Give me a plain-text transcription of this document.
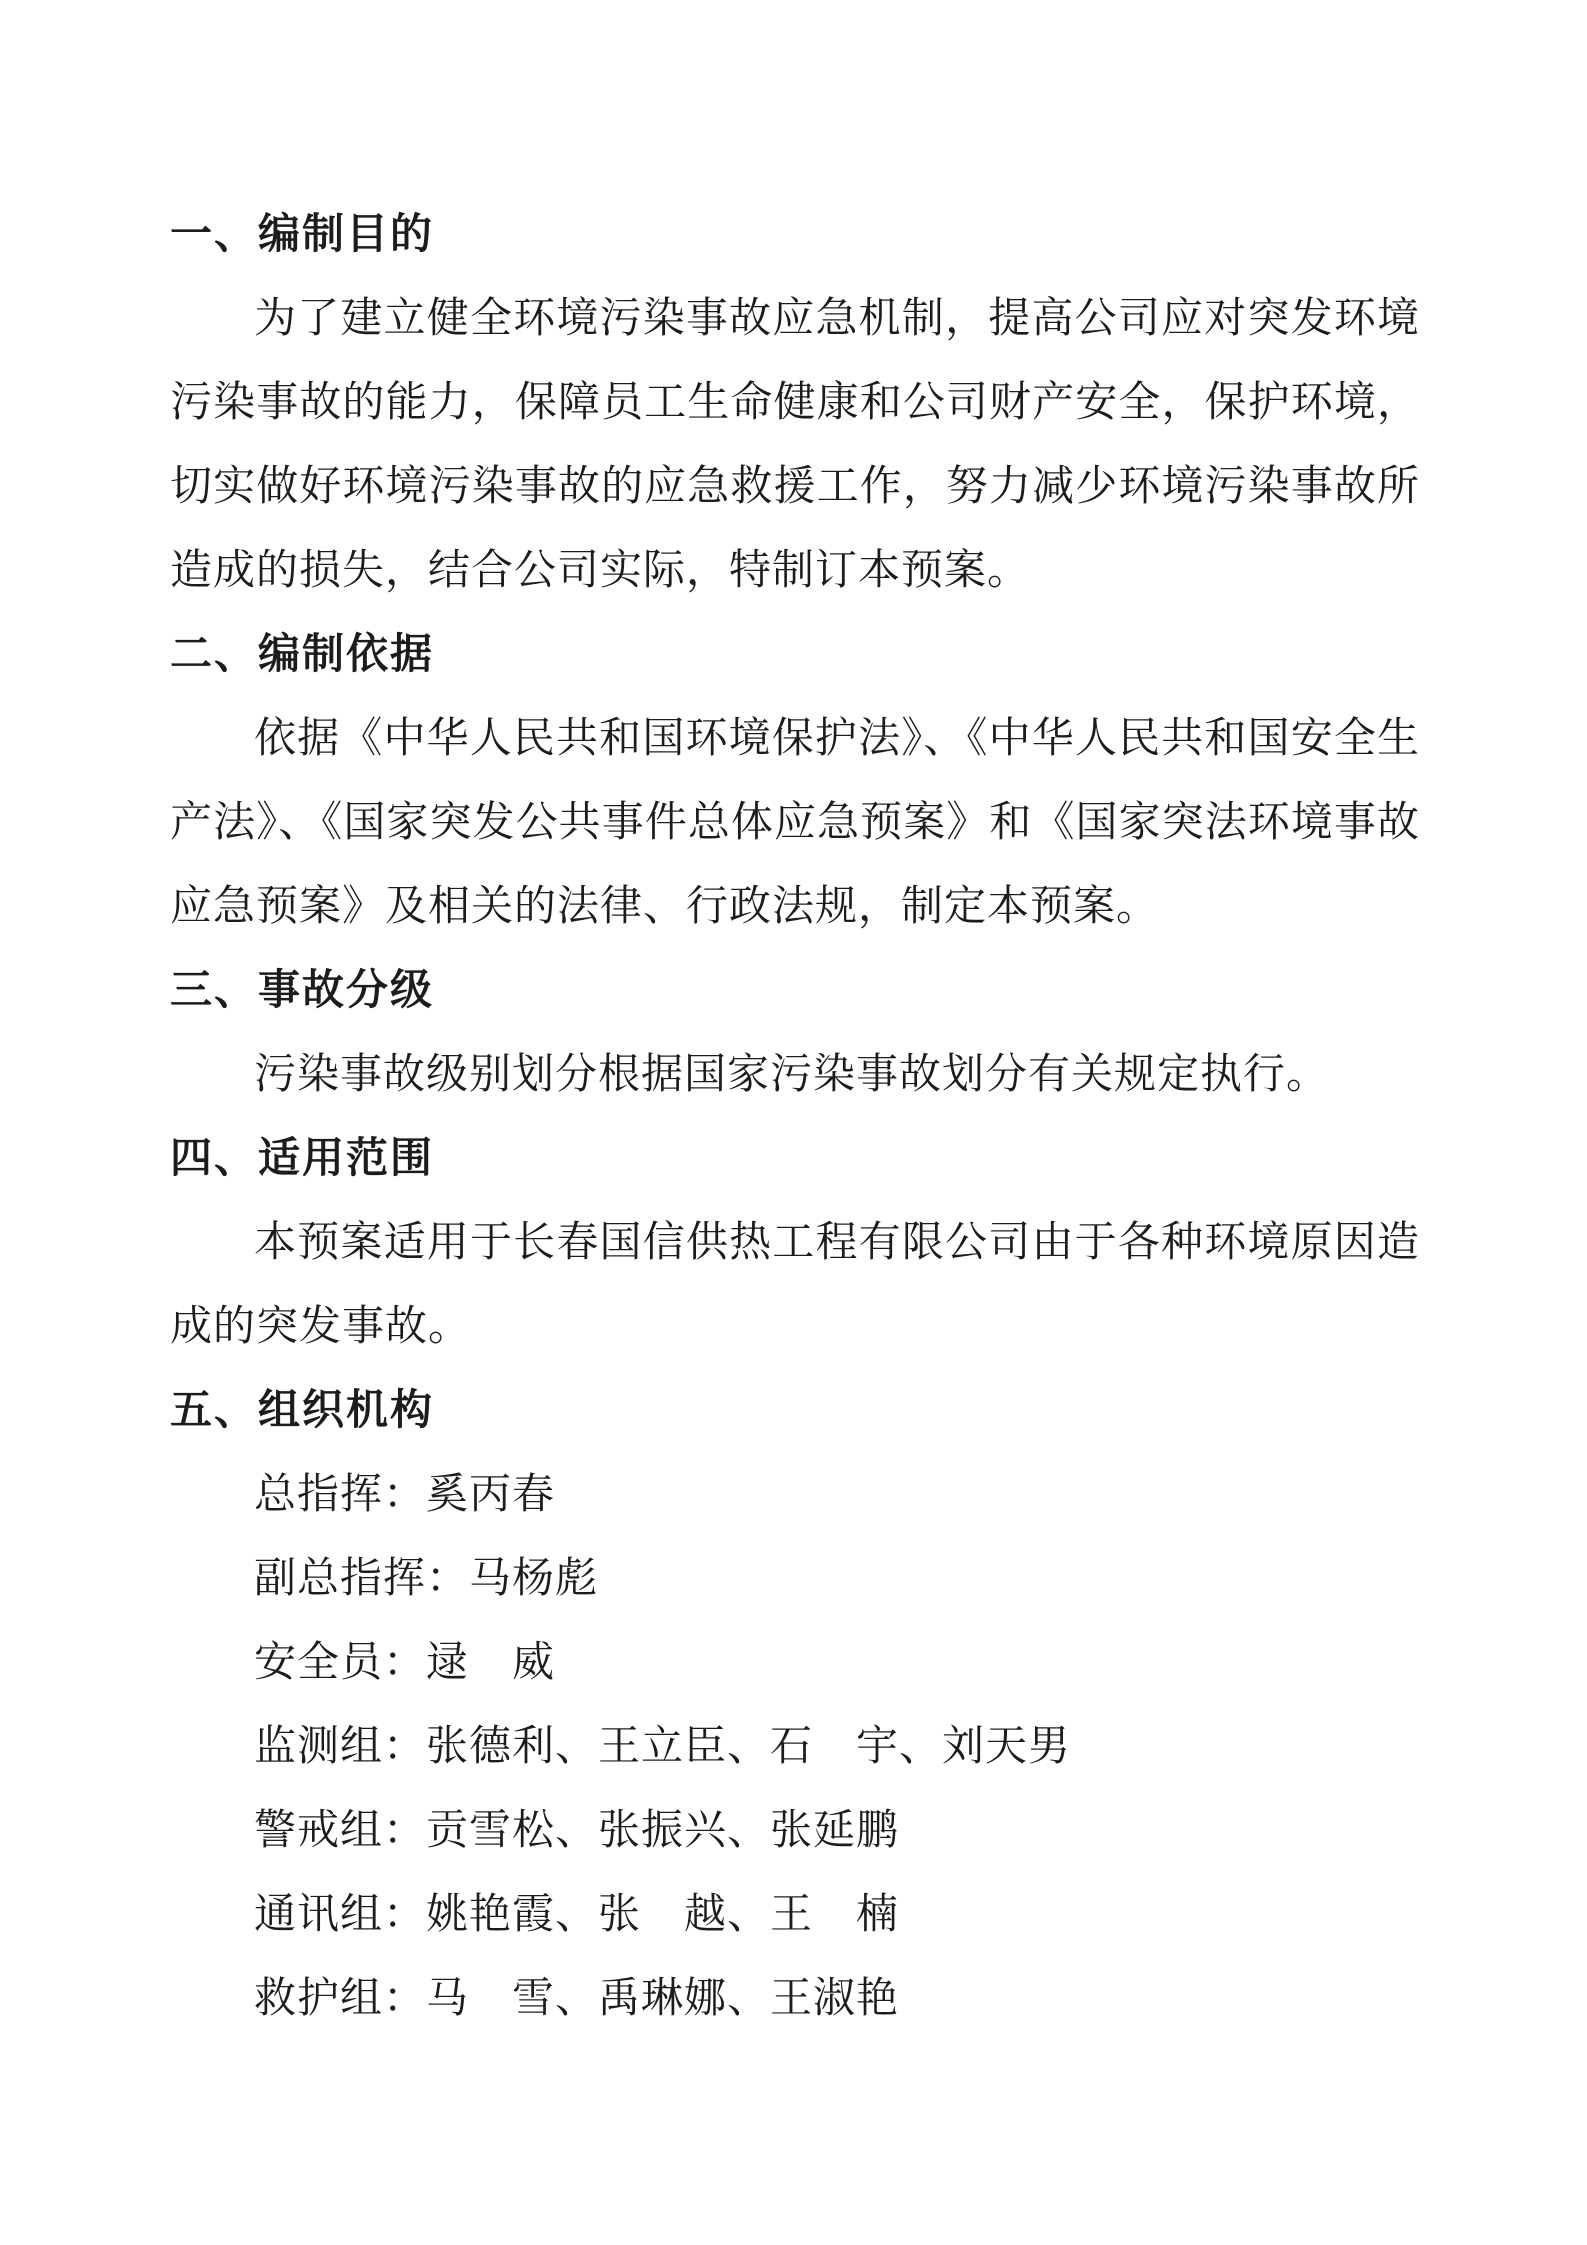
一、编制目的

为了建立健全环境污染事故应急机制，提高公司应对突发环境污染事故的能力，保障员工生命健康和公司财产安全，保护环境，切实做好环境污染事故的应急救援工作，努力减少环境污染事故所造成的损失，结合公司实际，特制订本预案。

二、编制依据

依据《中华人民共和国环境保护法》、《中华人民共和国安全生产法》、《国家突发公共事件总体应急预案》和《国家突法环境事故应急预案》及相关的法律、行政法规，制定本预案。

三、事故分级

污染事故级别划分根据国家污染事故划分有关规定执行。

四、适用范围

本预案适用于长春国信供热工程有限公司由于各种环境原因造成的突发事故。

五、组织机构

总指挥：奚丙春

副总指挥：马杨彪

安全员：逯　威

监测组：张德利、王立臣、石　宇、刘天男

警戒组：贡雪松、张振兴、张延鹏

通讯组：姚艳霞、张　越、王　楠

救护组：马　雪、禹琳娜、王淑艳
